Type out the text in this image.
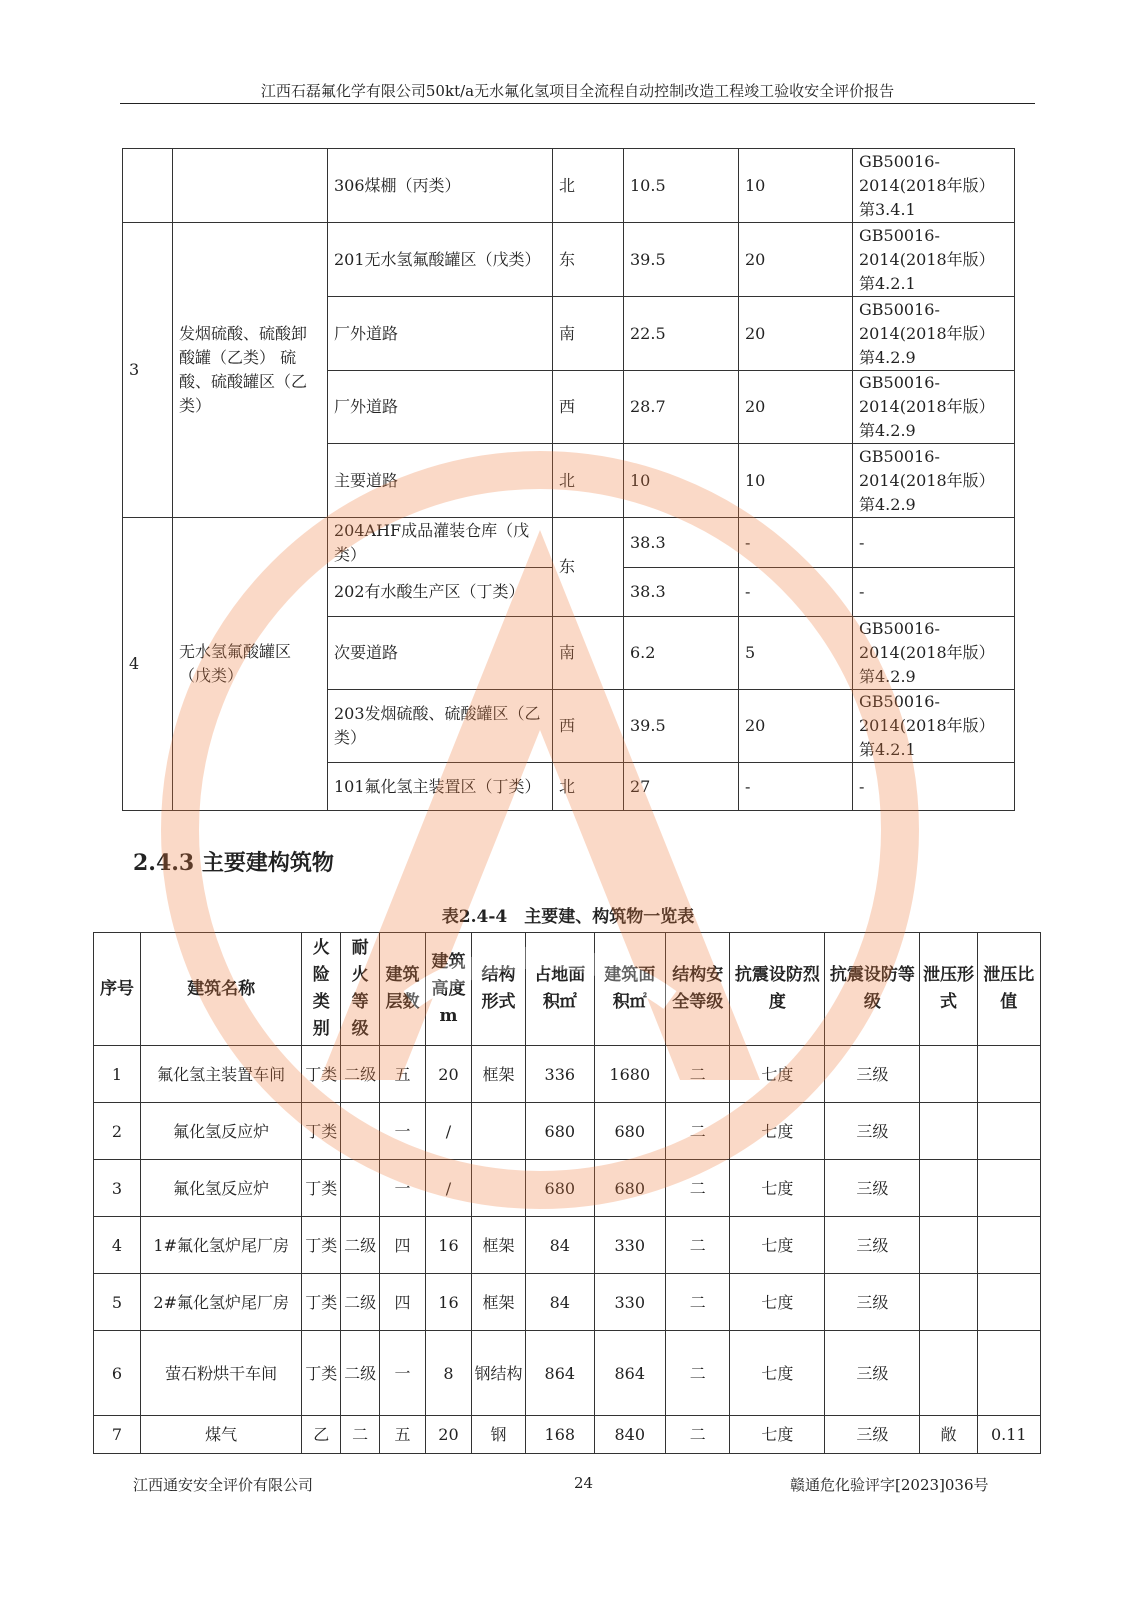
江西石磊氟化学有限公司50kt/a无水氟化氢项目全流程自动控制改造工程竣工验收安全评价报告
		306煤棚（丙类）	北	10.5	10	GB50016-2014(2018年版）第3.4.1
3	发烟硫酸、硫酸卸酸罐（乙类） 硫酸、硫酸罐区（乙类）	201无水氢氟酸罐区（戊类）	东	39.5	20	GB50016-2014(2018年版）第4.2.1
		厂外道路	南	22.5	20	GB50016-2014(2018年版）第4.2.9
		厂外道路	西	28.7	20	GB50016-2014(2018年版）第4.2.9
		主要道路	北	10	10	GB50016-2014(2018年版）第4.2.9
4	无水氢氟酸罐区（戊类）	204AHF成品灌装仓库（戊类）	东	38.3	-	-
		202有水酸生产区（丁类）		38.3	-	-
		次要道路	南	6.2	5	GB50016-2014(2018年版）第4.2.9
		203发烟硫酸、硫酸罐区（乙类）	西	39.5	20	GB50016-2014(2018年版）第4.2.1
		101氟化氢主装置区（丁类）	北	27	-	-
2.4.3 主要建构筑物
表2.4-4　主要建、构筑物一览表
序号	建筑名称	火险类别	耐火等级	建筑层数	建筑高度m	结构形式	占地面积㎡	建筑面积㎡	结构安全等级	抗震设防烈度	抗震设防等级	泄压形式	泄压比值
1	氟化氢主装置车间	丁类	二级	五	20	框架	336	1680	二	七度	三级		
2	氟化氢反应炉	丁类		一	/		680	680	二	七度	三级		
3	氟化氢反应炉	丁类		一	/		680	680	二	七度	三级		
4	1#氟化氢炉尾厂房	丁类	二级	四	16	框架	84	330	二	七度	三级		
5	2#氟化氢炉尾厂房	丁类	二级	四	16	框架	84	330	二	七度	三级		
6	萤石粉烘干车间	丁类	二级	一	8	钢结构	864	864	二	七度	三级		
7	煤气	乙	二	五	20	钢	168	840	二	七度	三级	敞	0.11
江西通安安全评价有限公司	24	赣通危化验评字[2023]036号
